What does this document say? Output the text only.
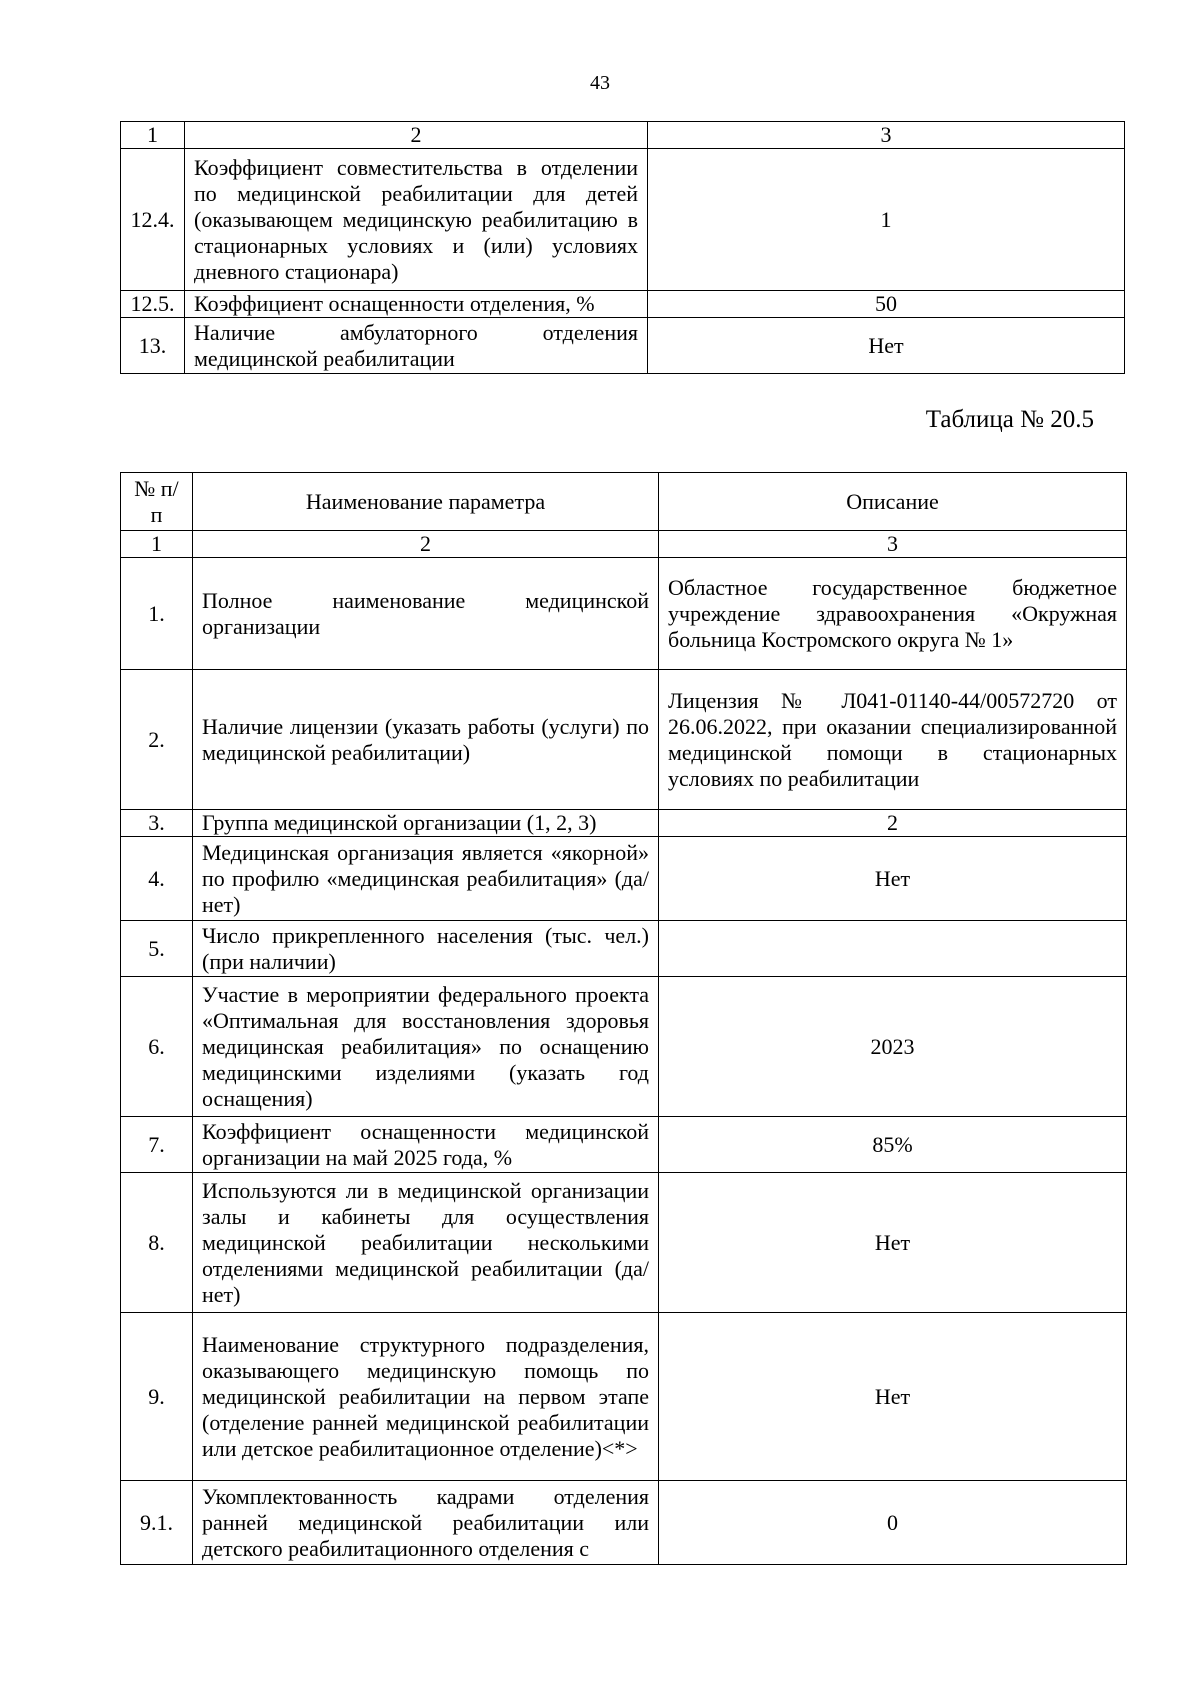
43
1	2	3
12.4.	Коэффициент совместительства в отделении по медицинской реабилитации для детей (оказывающем медицинскую реабилитацию в стационарных условиях и (или) условиях дневного стационара)	1
12.5.	Коэффициент оснащенности отделения, %	50
13.	Наличие амбулаторного отделения медицинской реабилитации	Нет
Таблица № 20.5
№ п/п	Наименование параметра	Описание
1	2	3
1.	Полное наименование медицинской организации	Областное государственное бюджетное учреждение здравоохранения «Окружная больница Костромского округа № 1»
2.	Наличие лицензии (указать работы (услуги) по медицинской реабилитации)	Лицензия № Л041-01140-44/00572720 от 26.06.2022, при оказании специализированной медицинской помощи в стационарных условиях по реабилитации
3.	Группа медицинской организации (1, 2, 3)	2
4.	Медицинская организация является «якорной» по профилю «медицинская реабилитация» (да/нет)	Нет
5.	Число прикрепленного населения (тыс. чел.) (при наличии)	
6.	Участие в мероприятии федерального проекта «Оптимальная для восстановления здоровья медицинская реабилитация» по оснащению медицинскими изделиями (указать год оснащения)	2023
7.	Коэффициент оснащенности медицинской организации на май 2025 года, %	85%
8.	Используются ли в медицинской организации залы и кабинеты для осуществления медицинской реабилитации несколькими отделениями медицинской реабилитации (да/нет)	Нет
9.	Наименование структурного подразделения, оказывающего медицинскую помощь по медицинской реабилитации на первом этапе (отделение ранней медицинской реабилитации или детское реабилитационное отделение)<*>	Нет
9.1.	Укомплектованность кадрами отделения ранней медицинской реабилитации или детского реабилитационного отделения с	0
